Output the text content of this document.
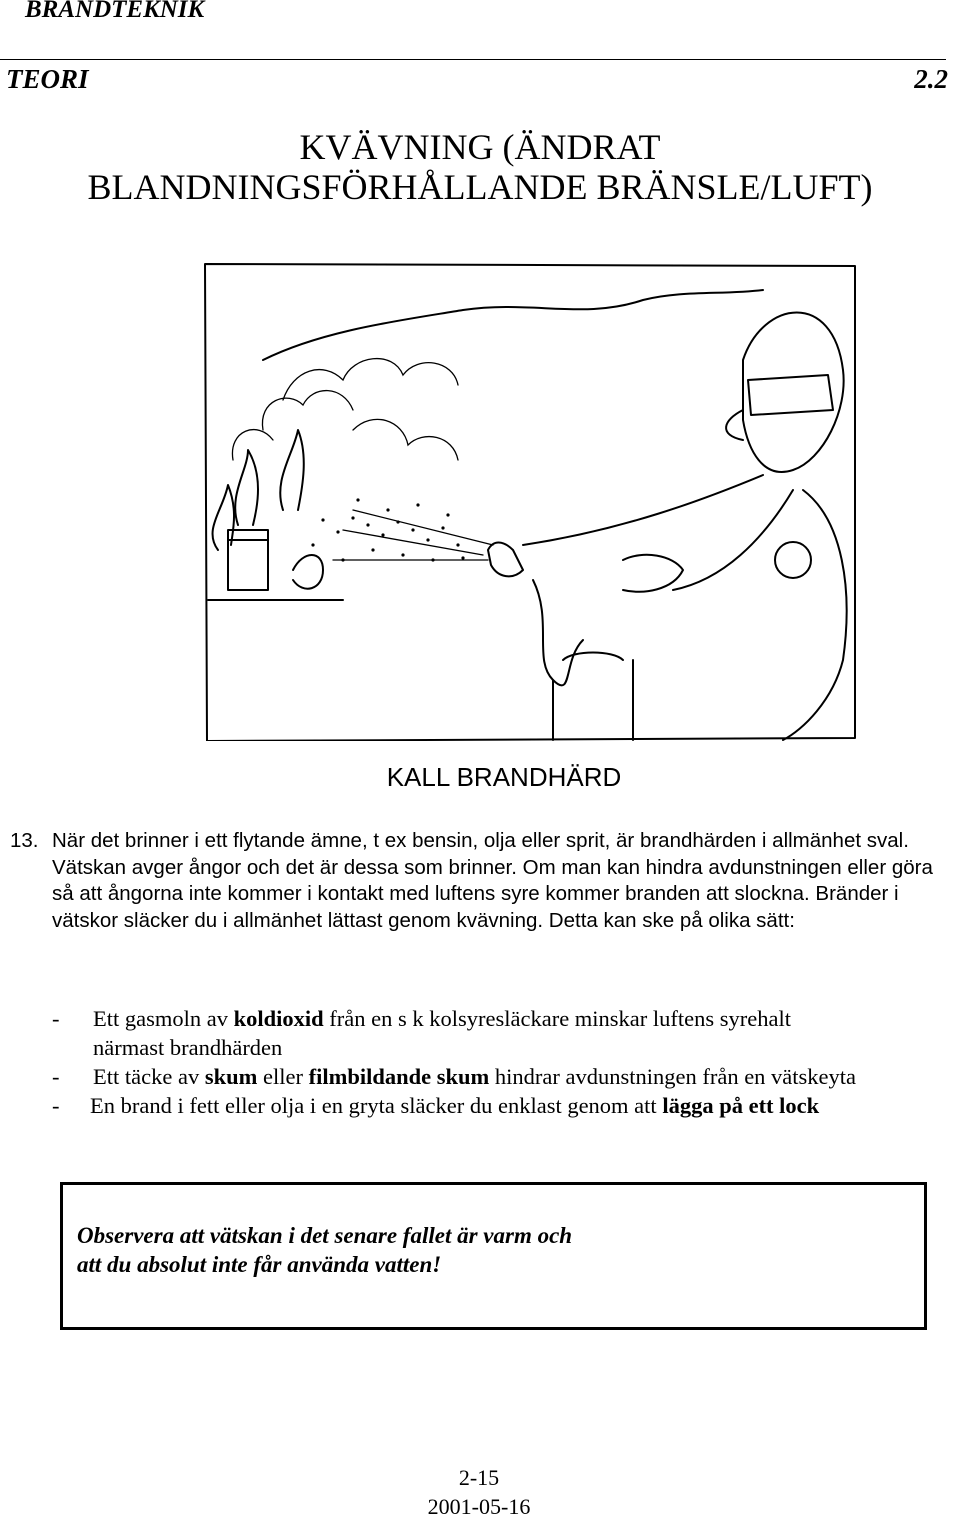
BRANDTEKNIK
TEORI	2.2
KVÄVNING (ÄNDRAT
BLANDNINGSFÖRHÅLLANDE BRÄNSLE/LUFT)
KALL BRANDHÄRD
13. När det brinner i ett flytande ämne, t ex bensin, olja eller sprit, är brandhärden i allmänhet sval. Vätskan avger ångor och det är dessa som brinner. Om man kan hindra avdunstningen eller göra så att ångorna inte kommer i kontakt med luftens syre kommer branden att slockna. Bränder i vätskor släcker du i allmänhet lättast genom kvävning. Detta kan ske på olika sätt:
- Ett gasmoln av koldioxid från en s k kolsyresläckare minskar luftens syrehalt
närmast brandhärden
- Ett täcke av skum eller filmbildande skum hindrar avdunstningen från en vätskeyta
- En brand i fett eller olja i en gryta släcker du enklast genom att lägga på ett lock
Observera att vätskan i det senare fallet är varm och
att du absolut inte får använda vatten!
2-15
2001-05-16
